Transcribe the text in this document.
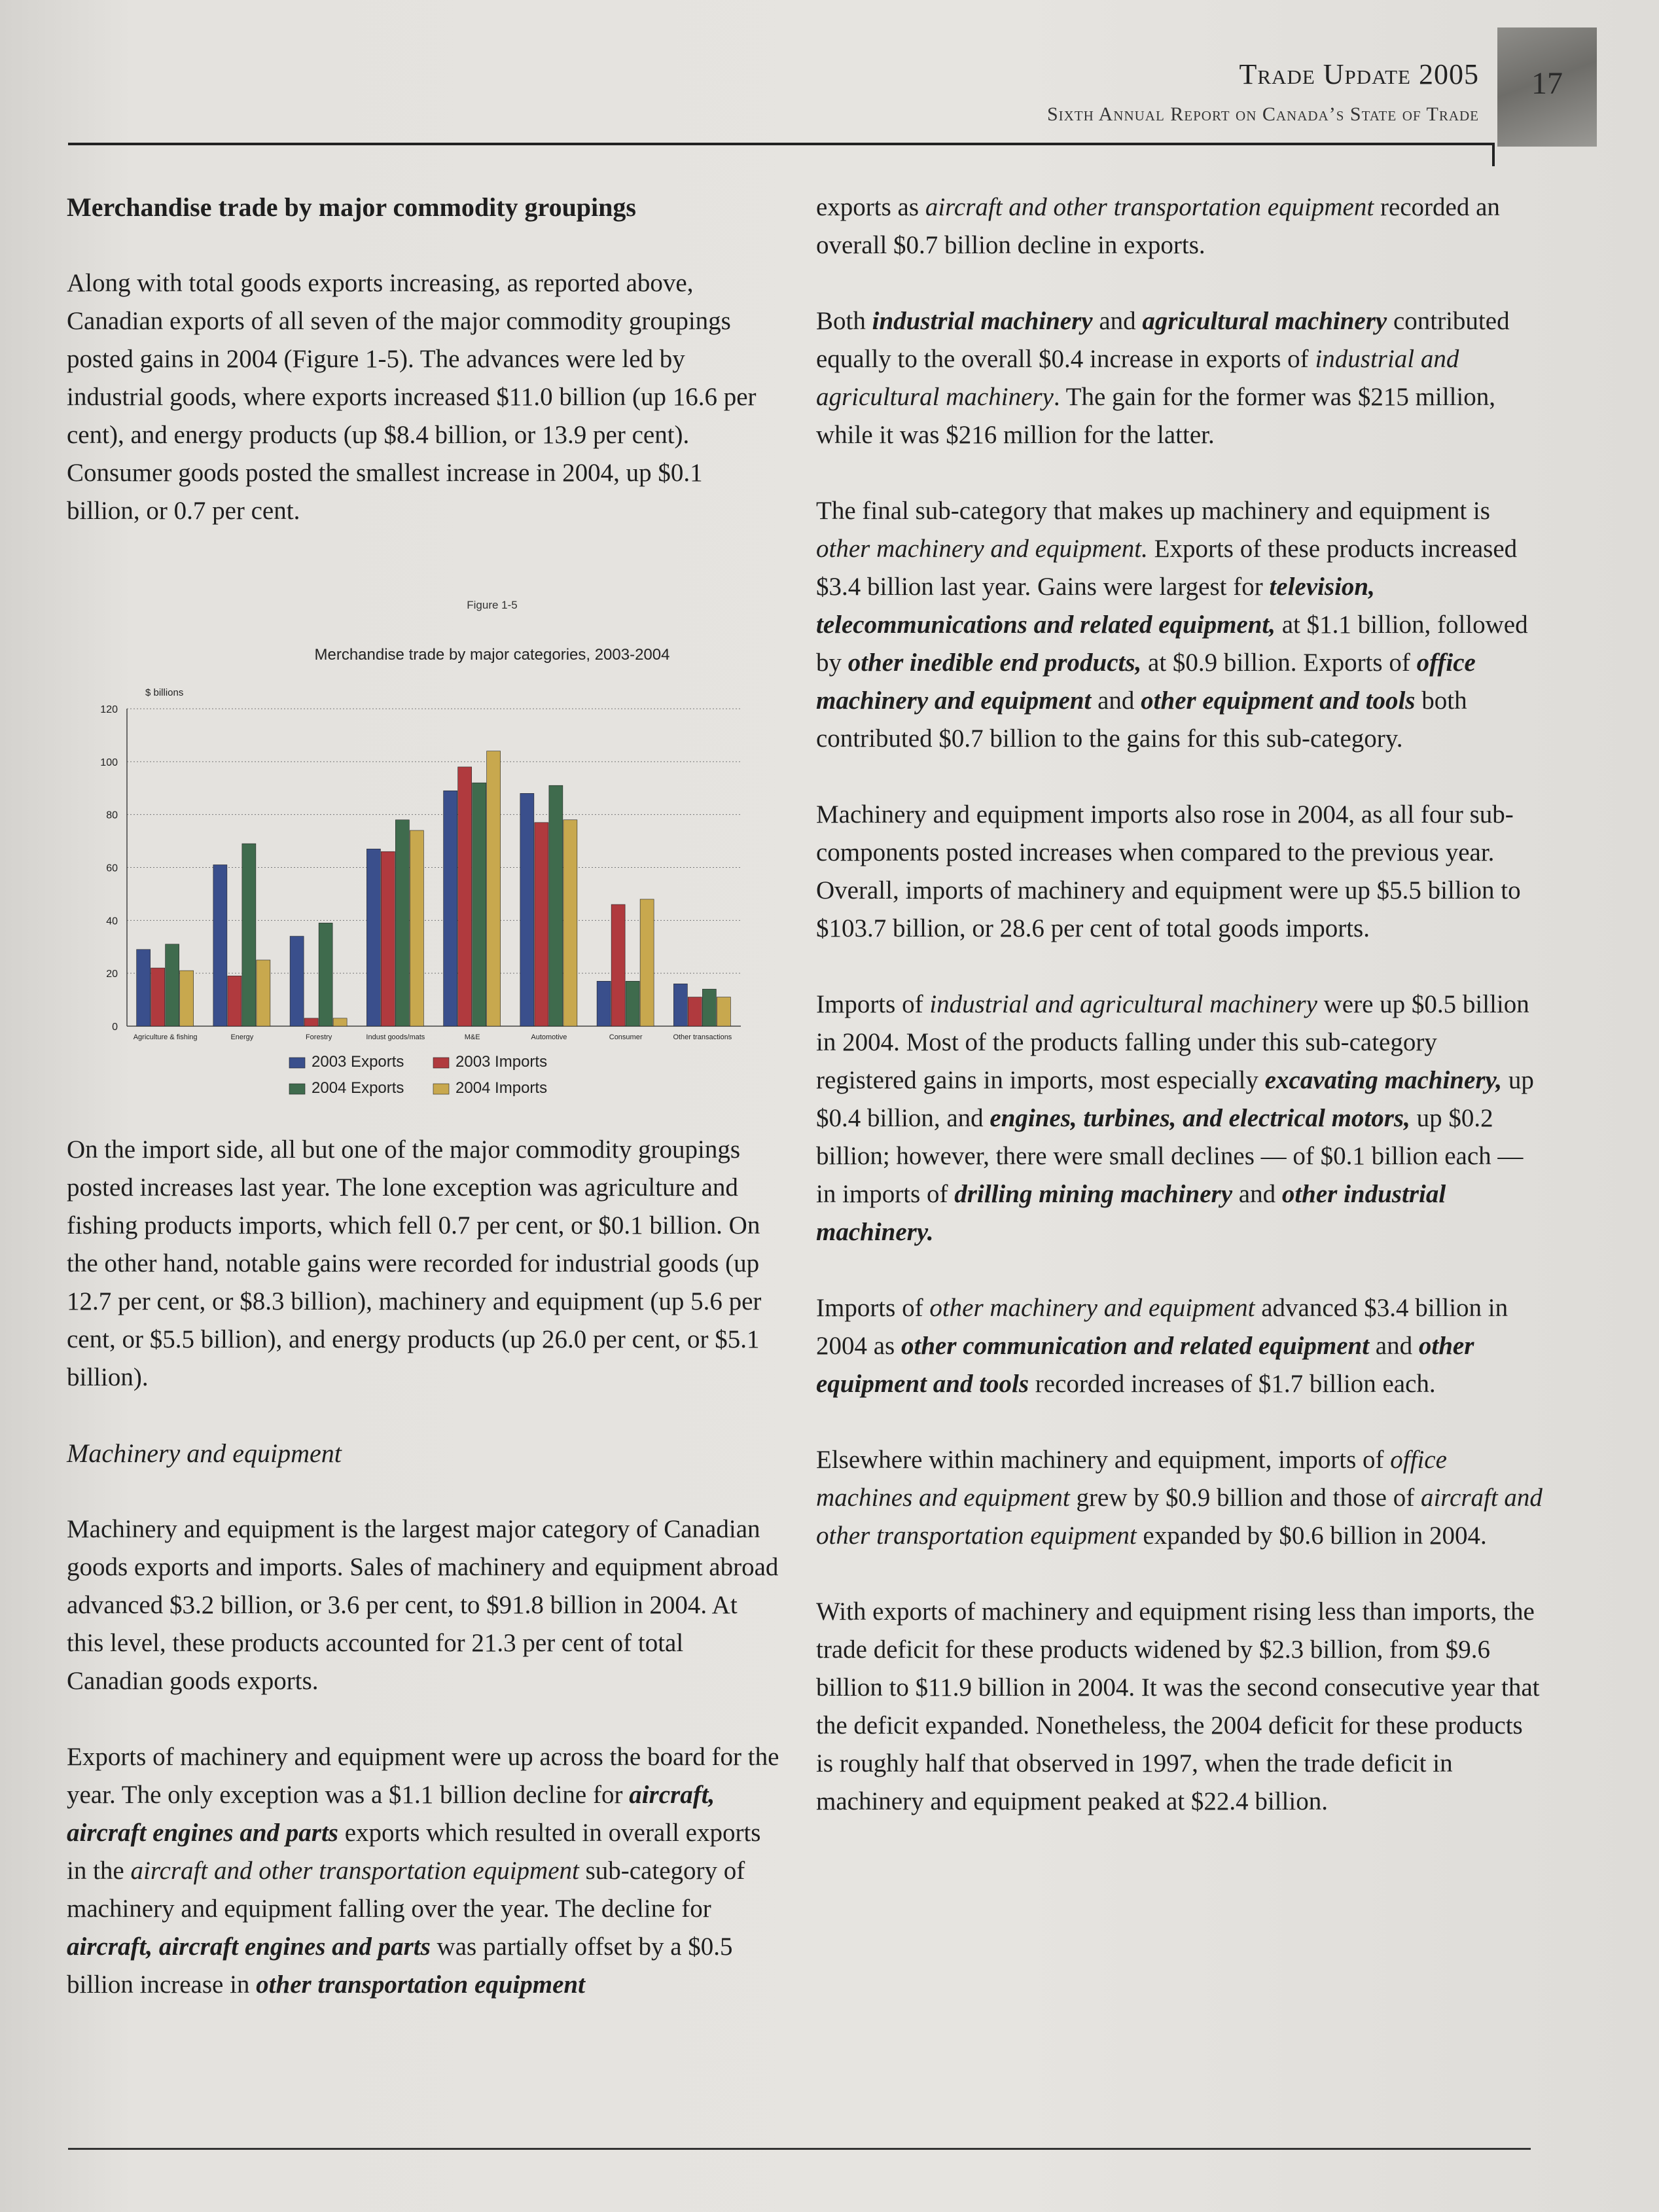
Trade Update 2005
Sixth Annual Report on Canada’s State of Trade
17
Merchandise trade by major commodity groupings

Along with total goods exports increasing, as reported above, Canadian exports of all seven of the major commodity groupings posted gains in 2004 (Figure 1-5). The advances were led by industrial goods, where exports increased $11.0 billion (up 16.6 per cent), and energy products (up $8.4 billion, or 13.9 per cent). Consumer goods posted the smallest increase in 2004, up $0.1 billion, or 0.7 per cent.

Figure 1-5
Merchandise trade by major categories, 2003-2004
$ billions
0
20
40
60
80
100
120
Agriculture & fishing	Energy	Forestry	Indust goods/mats	M&E	Automotive	Consumer	Other transactions
2003 Exports	2003 Imports
2004 Exports	2004 Imports

On the import side, all but one of the major commodity groupings posted increases last year. The lone exception was agriculture and fishing products imports, which fell 0.7 per cent, or $0.1 billion. On the other hand, notable gains were recorded for industrial goods (up 12.7 per cent, or $8.3 billion), machinery and equipment (up 5.6 per cent, or $5.5 billion), and energy products (up 26.0 per cent, or $5.1 billion).

Machinery and equipment

Machinery and equipment is the largest major category of Canadian goods exports and imports. Sales of machinery and equipment abroad advanced $3.2 billion, or 3.6 per cent, to $91.8 billion in 2004. At this level, these products accounted for 21.3 per cent of total Canadian goods exports.

Exports of machinery and equipment were up across the board for the year. The only exception was a $1.1 billion decline for aircraft, aircraft engines and parts exports which resulted in overall exports in the aircraft and other transportation equipment sub-category of machinery and equipment falling over the year. The decline for aircraft, aircraft engines and parts was partially offset by a $0.5 billion increase in other transportation equipment

exports as aircraft and other transportation equipment recorded an overall $0.7 billion decline in exports.

Both industrial machinery and agricultural machinery contributed equally to the overall $0.4 increase in exports of industrial and agricultural machinery. The gain for the former was $215 million, while it was $216 million for the latter.

The final sub-category that makes up machinery and equipment is other machinery and equipment. Exports of these products increased $3.4 billion last year. Gains were largest for television, telecommunications and related equipment, at $1.1 billion, followed by other inedible end products, at $0.9 billion. Exports of office machinery and equipment and other equipment and tools both contributed $0.7 billion to the gains for this sub-category.

Machinery and equipment imports also rose in 2004, as all four sub-components posted increases when compared to the previous year. Overall, imports of machinery and equipment were up $5.5 billion to $103.7 billion, or 28.6 per cent of total goods imports.

Imports of industrial and agricultural machinery were up $0.5 billion in 2004. Most of the products falling under this sub-category registered gains in imports, most especially excavating machinery, up $0.4 billion, and engines, turbines, and electrical motors, up $0.2 billion; however, there were small declines — of $0.1 billion each — in imports of drilling mining machinery and other industrial machinery.

Imports of other machinery and equipment advanced $3.4 billion in 2004 as other communication and related equipment and other equipment and tools recorded increases of $1.7 billion each.

Elsewhere within machinery and equipment, imports of office machines and equipment grew by $0.9 billion and those of aircraft and other transportation equipment expanded by $0.6 billion in 2004.

With exports of machinery and equipment rising less than imports, the trade deficit for these products widened by $2.3 billion, from $9.6 billion to $11.9 billion in 2004. It was the second consecutive year that the deficit expanded. Nonetheless, the 2004 deficit for these products is roughly half that observed in 1997, when the trade deficit in machinery and equipment peaked at $22.4 billion.
